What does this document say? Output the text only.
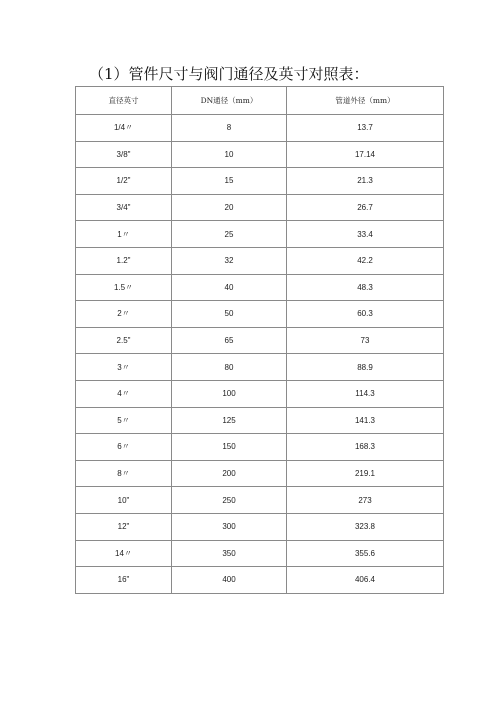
（1）管件尺寸与阀门通径及英寸对照表：
直径英寸	DN通径（mm）	管道外径（mm）
1/4〃	8	13.7
3/8"	10	17.14
1/2"	15	21.3
3/4"	20	26.7
1〃	25	33.4
1.2"	32	42.2
1.5〃	40	48.3
2〃	50	60.3
2.5"	65	73
3〃	80	88.9
4〃	100	114.3
5〃	125	141.3
6〃	150	168.3
8〃	200	219.1
10"	250	273
12"	300	323.8
14〃	350	355.6
16"	400	406.4
